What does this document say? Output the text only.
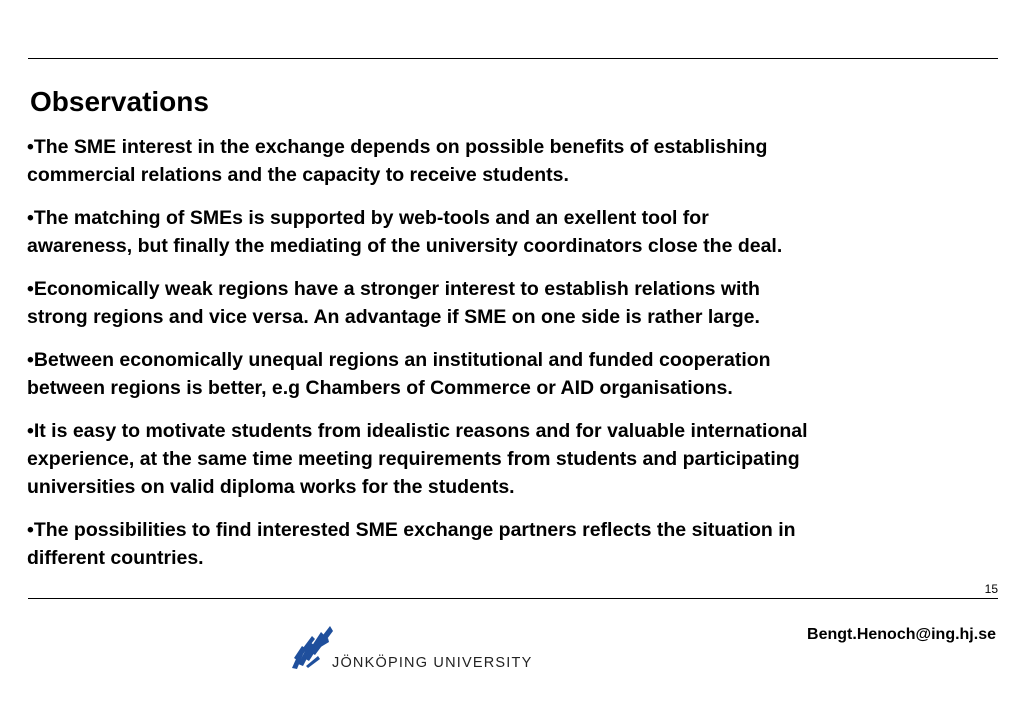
Observations
•The SME interest in the exchange depends on possible benefits of establishing
commercial relations and the capacity to receive students.
•The matching of SMEs is supported by web-tools and an exellent tool for
awareness, but finally the mediating of the university coordinators close the deal.
•Economically weak regions have a stronger interest to establish relations with
strong regions and vice versa. An advantage if SME on one side is rather large.
•Between economically unequal regions an institutional and funded cooperation
between regions is better, e.g Chambers of Commerce or AID organisations.
•It is easy to motivate students from idealistic reasons and for valuable international
experience, at the same time meeting requirements from students and participating
universities on valid diploma works for the students.
•The possibilities to find interested SME exchange partners reflects the situation in
different countries.
15
JÖNKÖPING UNIVERSITY
Bengt.Henoch@ing.hj.se
